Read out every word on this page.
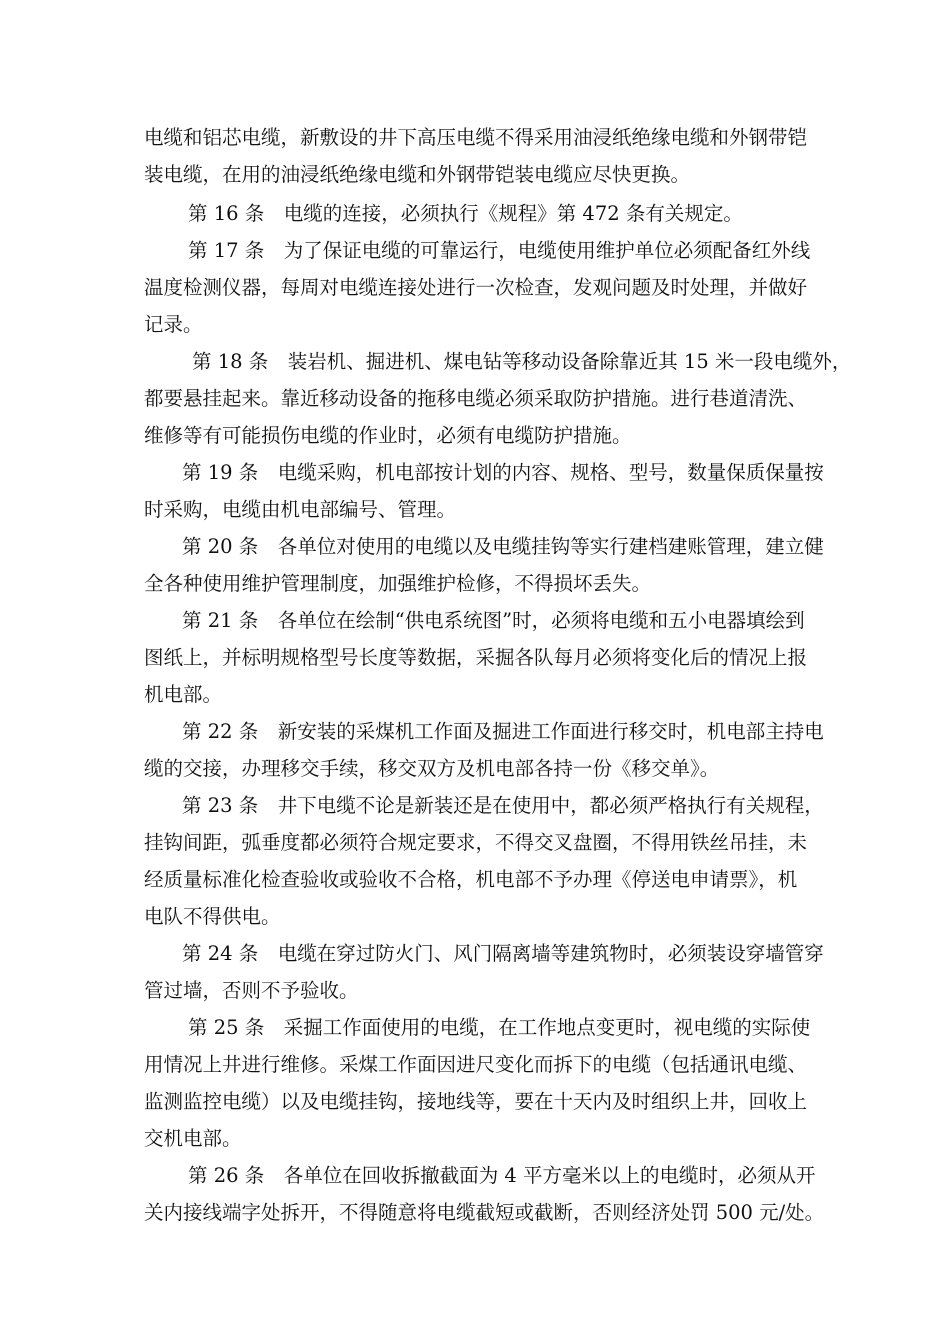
电缆和铝芯电缆，新敷设的井下高压电缆不得采用油浸纸绝缘电缆和外钢带铠
装电缆，在用的油浸纸绝缘电缆和外钢带铠装电缆应尽快更换。
第 16 条　电缆的连接，必须执行《规程》第 472 条有关规定。
第 17 条　为了保证电缆的可靠运行，电缆使用维护单位必须配备红外线
温度检测仪器，每周对电缆连接处进行一次检查，发观问题及时处理，并做好
记录。
第 18 条　装岩机、掘进机、煤电钻等移动设备除靠近其 15 米一段电缆外，
都要悬挂起来。靠近移动设备的拖移电缆必须采取防护措施。进行巷道清洗、
维修等有可能损伤电缆的作业时，必须有电缆防护措施。
第 19 条　电缆采购，机电部按计划的内容、规格、型号，数量保质保量按
时采购，电缆由机电部编号、管理。
第 20 条　各单位对使用的电缆以及电缆挂钩等实行建档建账管理，建立健
全各种使用维护管理制度，加强维护检修，不得损坏丢失。
第 21 条　各单位在绘制“供电系统图”时，必须将电缆和五小电器填绘到
图纸上，并标明规格型号长度等数据，采掘各队每月必须将变化后的情况上报
机电部。
第 22 条　新安装的采煤机工作面及掘进工作面进行移交时，机电部主持电
缆的交接，办理移交手续，移交双方及机电部各持一份《移交单》。
第 23 条　井下电缆不论是新装还是在使用中，都必须严格执行有关规程，
挂钩间距，弧垂度都必须符合规定要求，不得交叉盘圈，不得用铁丝吊挂，未
经质量标准化检查验收或验收不合格，机电部不予办理《停送电申请票》，机
电队不得供电。
第 24 条　电缆在穿过防火门、风门隔离墙等建筑物时，必须装设穿墙管穿
管过墙，否则不予验收。
第 25 条　采掘工作面使用的电缆，在工作地点变更时，视电缆的实际使
用情况上井进行维修。采煤工作面因进尺变化而拆下的电缆（包括通讯电缆、
监测监控电缆）以及电缆挂钩，接地线等，要在十天内及时组织上井，回收上
交机电部。
第 26 条　各单位在回收拆撤截面为 4 平方毫米以上的电缆时，必须从开
关内接线端字处拆开，不得随意将电缆截短或截断，否则经济处罚 500 元/处。
